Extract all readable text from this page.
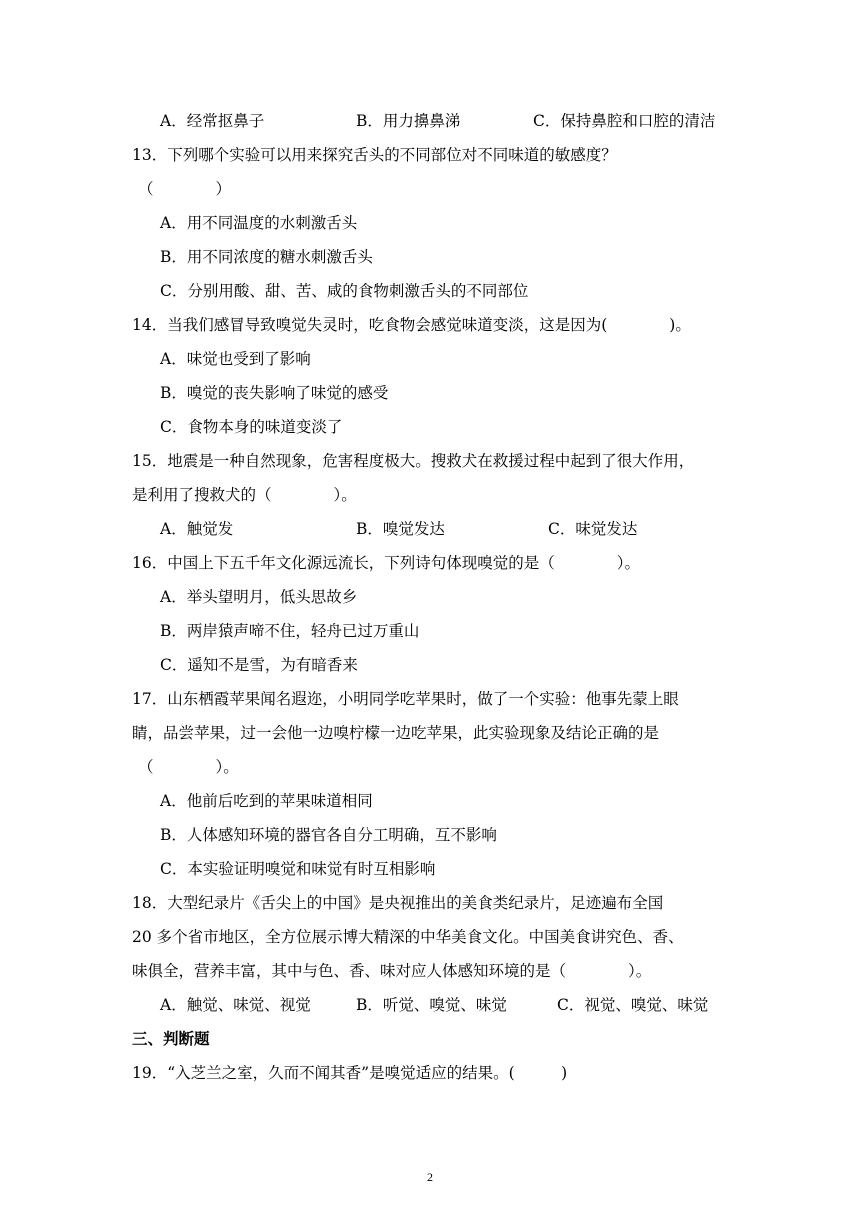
A．经常抠鼻子	B．用力擤鼻涕	C．保持鼻腔和口腔的清洁
13．下列哪个实验可以用来探究舌头的不同部位对不同味道的敏感度？
（　　　　）
A．用不同温度的水刺激舌头
B．用不同浓度的糖水刺激舌头
C．分别用酸、甜、苦、咸的食物刺激舌头的不同部位
14．当我们感冒导致嗅觉失灵时，吃食物会感觉味道变淡，这是因为(　　　　)。
A．味觉也受到了影响
B．嗅觉的丧失影响了味觉的感受
C．食物本身的味道变淡了
15．地震是一种自然现象，危害程度极大。搜救犬在救援过程中起到了很大作用，
是利用了搜救犬的（　　　　）。
A．触觉发	B．嗅觉发达	C．味觉发达
16．中国上下五千年文化源远流长，下列诗句体现嗅觉的是（　　　　）。
A．举头望明月，低头思故乡
B．两岸猿声啼不住，轻舟已过万重山
C．遥知不是雪，为有暗香来
17．山东栖霞苹果闻名遐迩，小明同学吃苹果时，做了一个实验：他事先蒙上眼
睛，品尝苹果，过一会他一边嗅柠檬一边吃苹果，此实验现象及结论正确的是
（　　　　）。
A．他前后吃到的苹果味道相同
B．人体感知环境的器官各自分工明确，互不影响
C．本实验证明嗅觉和味觉有时互相影响
18．大型纪录片《舌尖上的中国》是央视推出的美食类纪录片，足迹遍布全国
20 多个省市地区，全方位展示博大精深的中华美食文化。中国美食讲究色、香、
味俱全，营养丰富，其中与色、香、味对应人体感知环境的是（　　　　）。
A．触觉、味觉、视觉	B．听觉、嗅觉、味觉	C．视觉、嗅觉、味觉
三、判断题
19．“入芝兰之室，久而不闻其香”是嗅觉适应的结果。(　　　)
2
